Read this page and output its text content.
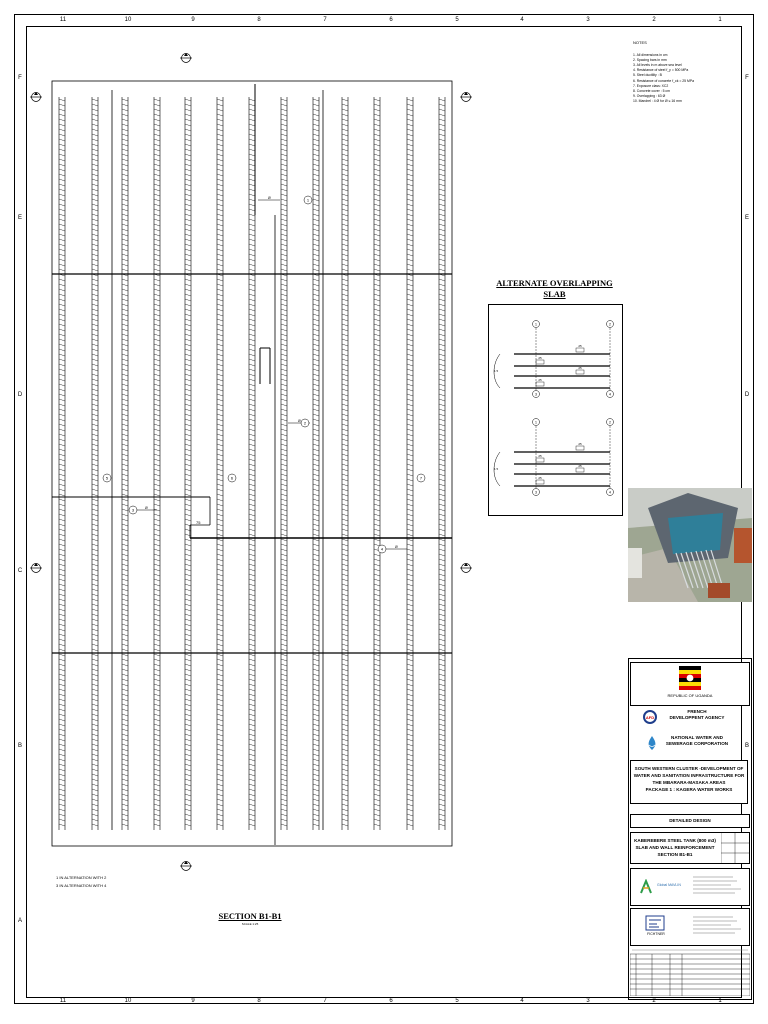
11	10	9	8	7	6	5	4	3	2	1
11	10	9	8	7	6	5	4	3	2	1
F
E
D
C
B
A
F
E
D
B
Ø
Ø
Ø
Ø
75
1
2
3
4
5	6	7
SECTION B1-B1
SCALE 1:25
1 IN ALTERNATION WITH 2
3 IN ALTERNATION WITH 4
NOTES
1. All dimensions in cm
2. Spacing bars in mm
3. All levels in m above sea level
4. Resistance of steel f_y = 500 MPa
5. Steel ductility : B
6. Resistance of concrete f_ck = 25 MPa
7. Exposure class: XC2
8. Concrete cover : 5 cm
9. Overlapping : 63 Ø
10. Mandrel : 4 Ø for Ø ≤ 16 mm
ALTERNATE OVERLAPPING
SLAB
1	2
3	4
25
25
25
25
1 5
1	2
3	4
25
25
25
25
1 5
REPUBLIC OF UGANDA
AFD
FRENCH
DEVELOPPENT AGENCY
NATIONAL WATER AND
SEWERAGE CORPORATION
SOUTH WESTERN CLUSTER -DEVELOPMENT OF
WATER AND SANITATION INFRASTRUCTURE FOR
THE MBARARA-MASAKA AREAS
PACKAGE 1 : KAGERA WATER WORKS
DETAILED DESIGN
KABEREBERE STEEL TANK (800 m3)
SLAB AND WALL REINFORCEMENT
SECTION B1-B1
Global MAVLIN
FICHTNER
